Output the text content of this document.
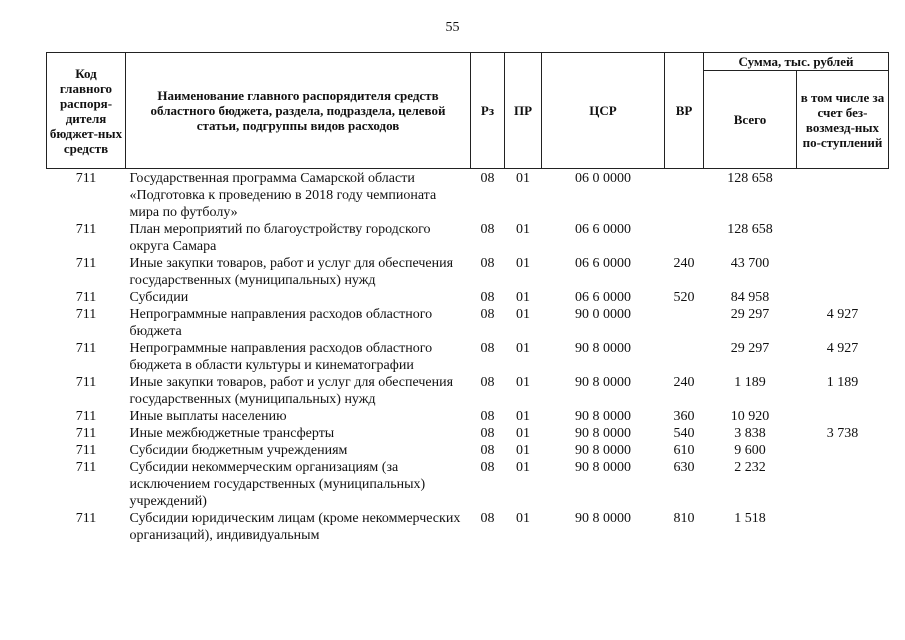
55
Код главного распоря-дителя бюджет-ных средств	Наименование главного распорядителя средств областного бюджета, раздела, подраздела, целевой статьи, подгруппы видов расходов	Рз	ПР	ЦСР	ВР	Сумма, тыс. рублей	
						Всего	в том числе за счет без-возмезд-ных по-ступлений
711	Государственная программа Самарской области «Подготовка к проведению в 2018 году чемпионата мира по футболу»	08	01	06 0 0000		128 658	
711	План мероприятий по благоустройству городского округа Самара	08	01	06 6 0000		128 658	
711	Иные закупки товаров, работ и услуг для обеспечения государственных (муниципальных) нужд	08	01	06 6 0000	240	43 700	
711	Субсидии	08	01	06 6 0000	520	84 958	
711	Непрограммные направления расходов областного бюджета	08	01	90 0 0000		29 297	4 927
711	Непрограммные направления расходов областного бюджета в области культуры и кинематографии	08	01	90 8 0000		29 297	4 927
711	Иные закупки товаров, работ и услуг для обеспечения государственных (муниципальных) нужд	08	01	90 8 0000	240	1 189	1 189
711	Иные выплаты населению	08	01	90 8 0000	360	10 920	
711	Иные межбюджетные трансферты	08	01	90 8 0000	540	3 838	3 738
711	Субсидии бюджетным учреждениям	08	01	90 8 0000	610	9 600	
711	Субсидии некоммерческим организациям (за исключением государственных (муниципальных) учреждений)	08	01	90 8 0000	630	2 232	
711	Субсидии юридическим лицам (кроме некоммерческих организаций), индивидуальным	08	01	90 8 0000	810	1 518	
